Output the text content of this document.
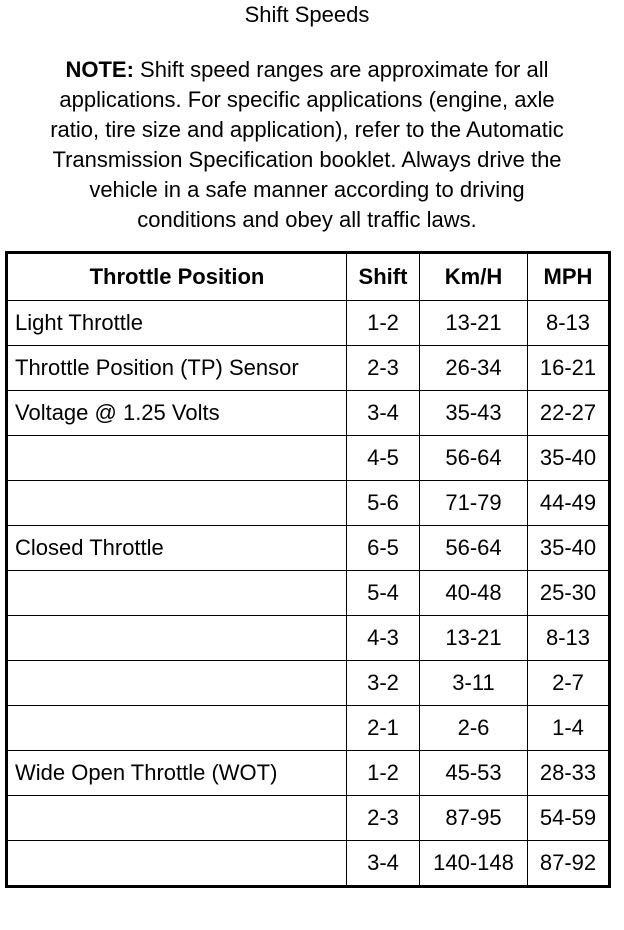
Shift Speeds
NOTE: Shift speed ranges are approximate for all
applications. For specific applications (engine, axle
ratio, tire size and application), refer to the Automatic
Transmission Specification booklet. Always drive the
vehicle in a safe manner according to driving
conditions and obey all traffic laws.
Throttle Position	Shift	Km/H	MPH
Light Throttle	1-2	13-21	8-13
Throttle Position (TP) Sensor	2-3	26-34	16-21
Voltage @ 1.25 Volts	3-4	35-43	22-27
	4-5	56-64	35-40
	5-6	71-79	44-49
Closed Throttle	6-5	56-64	35-40
	5-4	40-48	25-30
	4-3	13-21	8-13
	3-2	3-11	2-7
	2-1	2-6	1-4
Wide Open Throttle (WOT)	1-2	45-53	28-33
	2-3	87-95	54-59
	3-4	140-148	87-92
